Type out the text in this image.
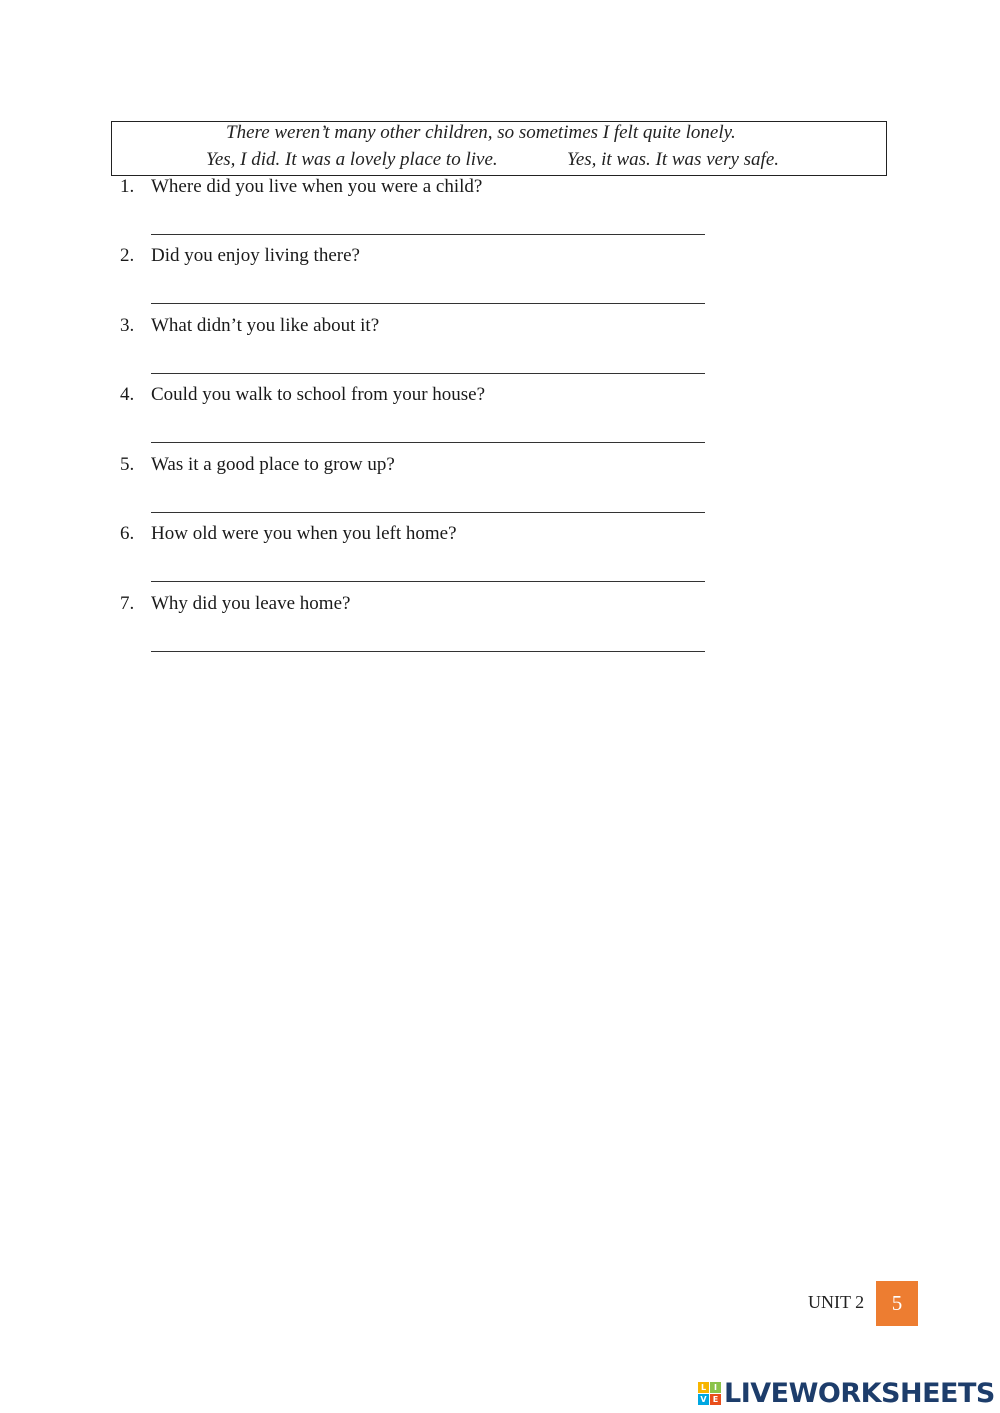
There weren’t many other children, so sometimes I felt quite lonely.
Yes, I did. It was a lovely place to live.	Yes, it was. It was very safe.
1. Where did you live when you were a child?
2. Did you enjoy living there?
3. What didn’t you like about it?
4. Could you walk to school from your house?
5. Was it a good place to grow up?
6. How old were you when you left home?
7. Why did you leave home?
UNIT 2	5
L I
V E LIVEWORKSHEETS
